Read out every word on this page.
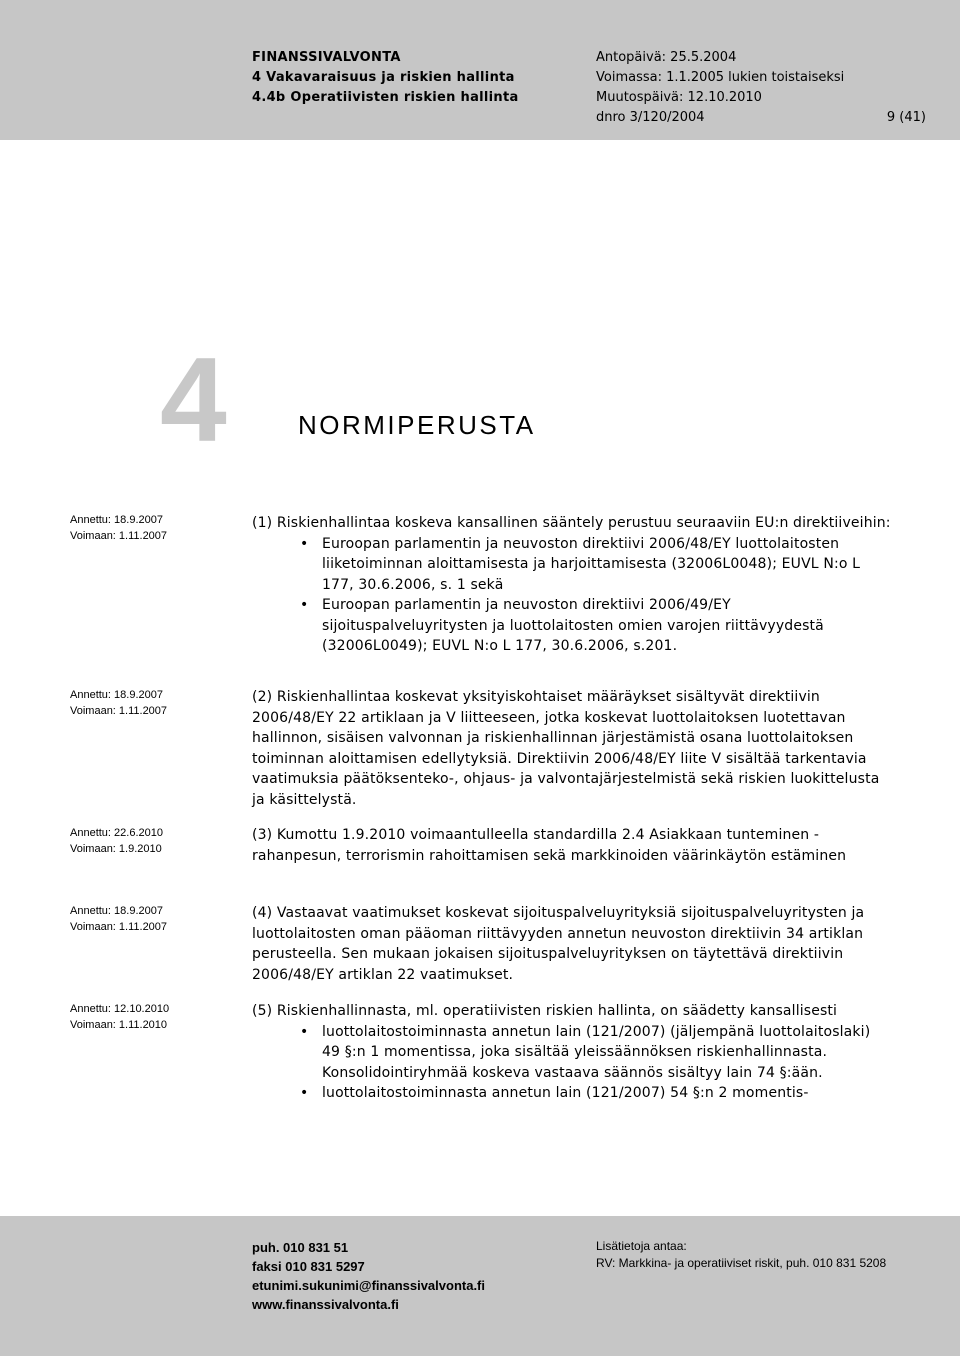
FINANSSIVALVONTA
4 Vakavaraisuus ja riskien hallinta
4.4b Operatiivisten riskien hallinta
Antopäivä: 25.5.2004
Voimassa: 1.1.2005 lukien toistaiseksi
Muutospäivä: 12.10.2010
dnro 3/120/2004	9 (41)
4	NORMIPERUSTA
Annettu: 18.9.2007
Voimaan: 1.11.2007
Annettu: 18.9.2007
Voimaan: 1.11.2007
Annettu: 22.6.2010
Voimaan: 1.9.2010
Annettu: 18.9.2007
Voimaan: 1.11.2007
Annettu: 12.10.2010
Voimaan: 1.11.2010

(1) Riskienhallintaa koskeva kansallinen sääntely perustuu seuraaviin EU:n direktiiveihin:

• Euroopan parlamentin ja neuvoston direktiivi 2006/48/EY luottolaitosten liiketoiminnan aloittamisesta ja harjoittamisesta (32006L0048); EUVL N:o L 177, 30.6.2006, s. 1 sekä
• Euroopan parlamentin ja neuvoston direktiivi 2006/49/EY sijoituspalveluyritysten ja luottolaitosten omien varojen riittävyydestä (32006L0049); EUVL N:o L 177, 30.6.2006, s.201.

(2) Riskienhallintaa koskevat yksityiskohtaiset määräykset sisältyvät direktiivin 2006/48/EY 22 artiklaan ja V liitteeseen, jotka koskevat luottolaitoksen luotettavan hallinnon, sisäisen valvonnan ja riskienhallinnan järjestämistä osana luottolaitoksen toiminnan aloittamisen edellytyksiä. Direktiivin 2006/48/EY liite V sisältää tarkentavia vaatimuksia päätöksenteko-, ohjaus- ja valvontajärjestelmistä sekä riskien luokittelusta ja käsittelystä.

(3) Kumottu 1.9.2010 voimaantulleella standardilla 2.4 Asiakkaan tunteminen - rahanpesun, terrorismin rahoittamisen sekä markkinoiden väärinkäytön estäminen

(4) Vastaavat vaatimukset koskevat sijoituspalveluyrityksiä sijoituspalveluyritysten ja luottolaitosten oman pääoman riittävyyden annetun neuvoston direktiivin 34 artiklan perusteella. Sen mukaan jokaisen sijoituspalveluyrityksen on täytettävä direktiivin 2006/48/EY artiklan 22 vaatimukset.

(5) Riskienhallinnasta, ml. operatiivisten riskien hallinta, on säädetty kansallisesti

• luottolaitostoiminnasta annetun lain (121/2007) (jäljempänä luottolaitoslaki) 49 §:n 1 momentissa, joka sisältää yleissäännöksen riskienhallinnasta. Konsolidointiryhmää koskeva vastaava säännös sisältyy lain 74 §:ään.
• luottolaitostoiminnasta annetun lain (121/2007) 54 §:n 2 momentis-
puh. 010 831 51
faksi 010 831 5297
etunimi.sukunimi@finanssivalvonta.fi
www.finanssivalvonta.fi
Lisätietoja antaa:
RV: Markkina- ja operatiiviset riskit, puh. 010 831 5208
